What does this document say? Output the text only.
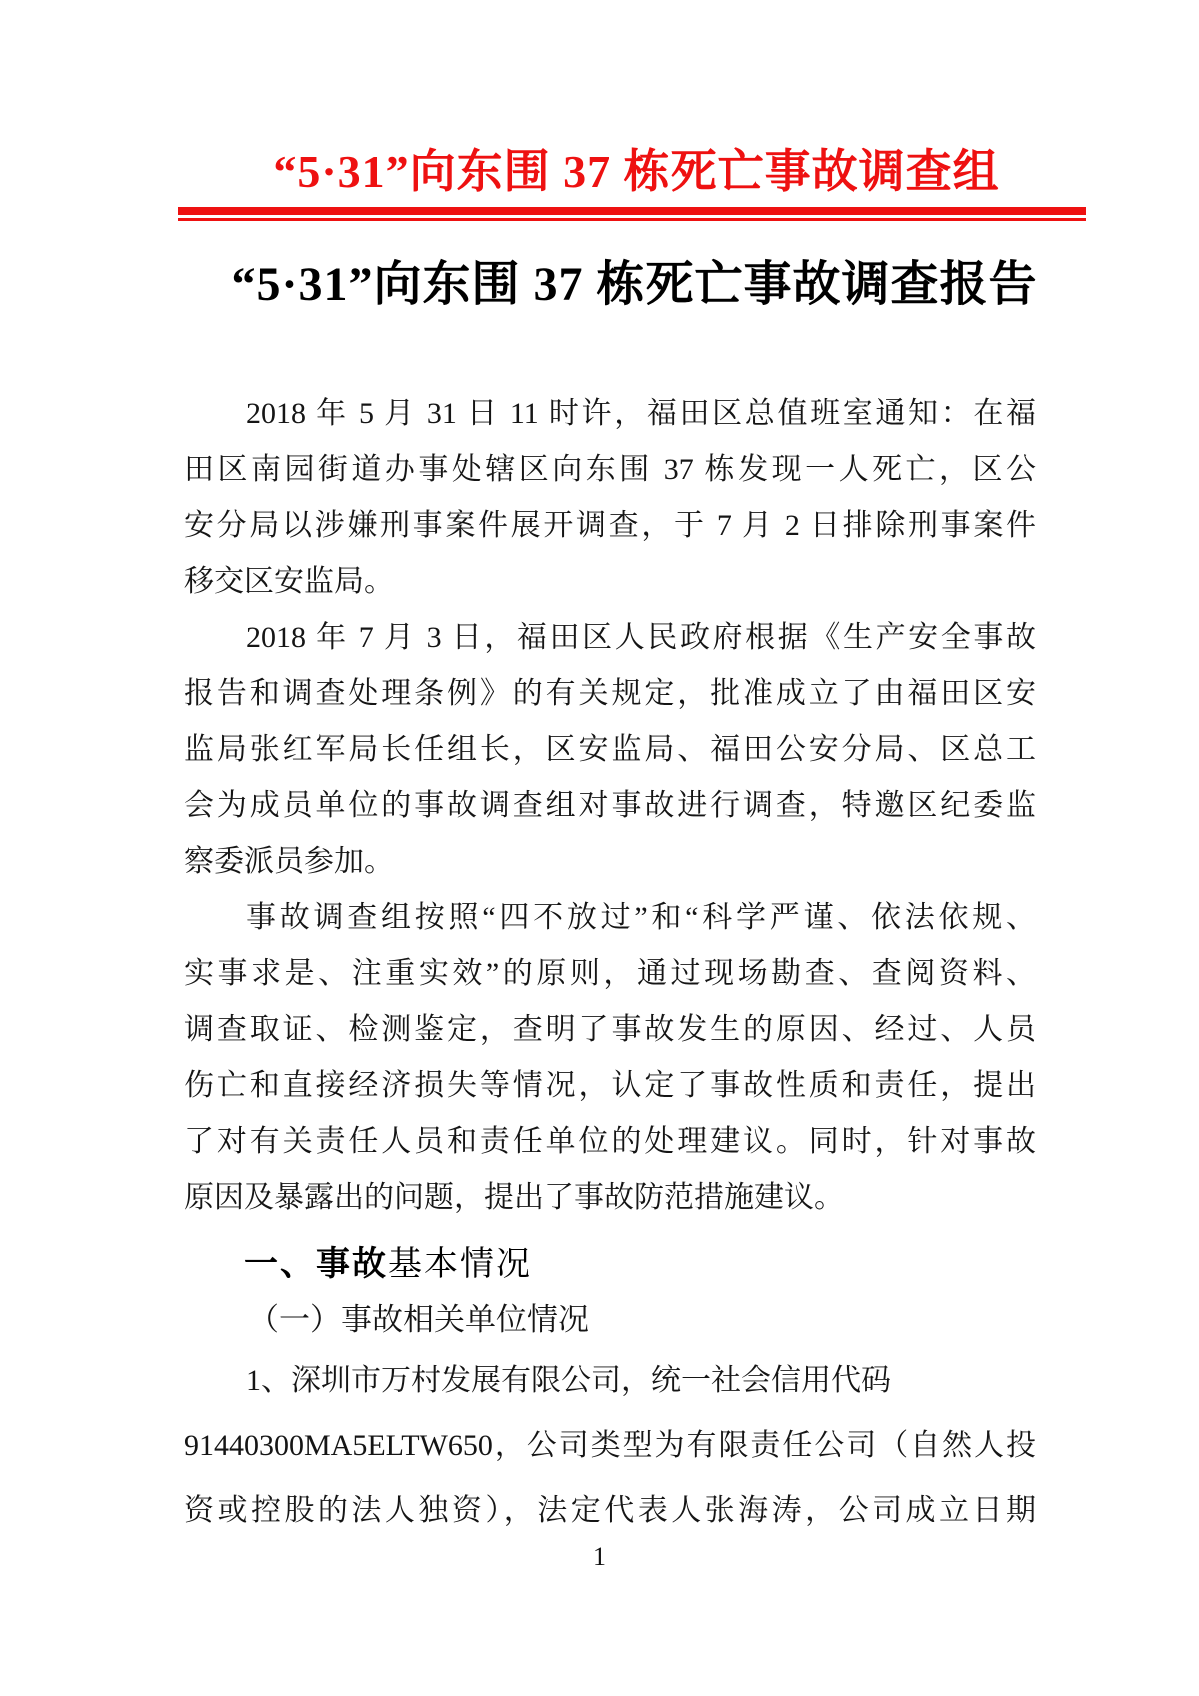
“5·31”向东围 37 栋死亡事故调查组
“5·31”向东围 37 栋死亡事故调查报告
2018 年 5 月 31 日 11 时许，福田区总值班室通知：在福
田区南园街道办事处辖区向东围 37 栋发现一人死亡，区公
安分局以涉嫌刑事案件展开调查，于 7 月 2 日排除刑事案件
移交区安监局。
2018 年 7 月 3 日，福田区人民政府根据《生产安全事故
报告和调查处理条例》的有关规定，批准成立了由福田区安
监局张红军局长任组长，区安监局、福田公安分局、区总工
会为成员单位的事故调查组对事故进行调查，特邀区纪委监
察委派员参加。
事故调查组按照“四不放过”和“科学严谨、依法依规、
实事求是、注重实效”的原则，通过现场勘查、查阅资料、
调查取证、检测鉴定，查明了事故发生的原因、经过、人员
伤亡和直接经济损失等情况，认定了事故性质和责任，提出
了对有关责任人员和责任单位的处理建议。同时，针对事故
原因及暴露出的问题，提出了事故防范措施建议。
一、事故基本情况
（一）事故相关单位情况
1、深圳市万村发展有限公司，统一社会信用代码
91440300MA5ELTW650，公司类型为有限责任公司（自然人投
资或控股的法人独资），法定代表人张海涛，公司成立日期
1
